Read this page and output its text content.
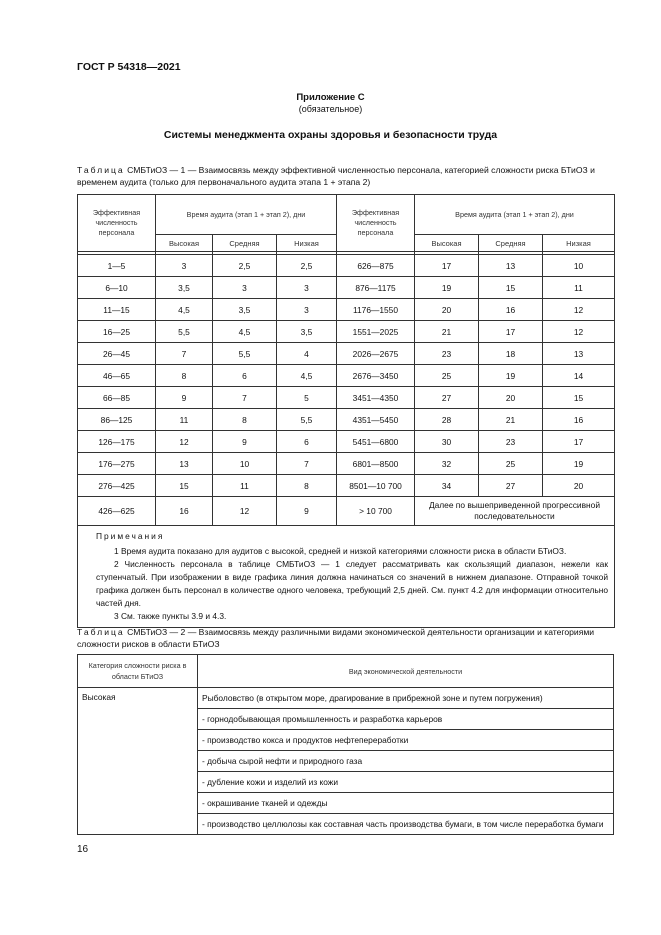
ГОСТ Р 54318—2021
Приложение С
(обязательное)
Системы менеджмента охраны здоровья и безопасности труда
Таблица СМБТиОЗ — 1 — Взаимосвязь между эффективной численностью персонала, категорией сложности риска БТиОЗ и временем аудита (только для первоначального аудита этапа 1 + этапа 2)
Эффективная численность персонала	Время аудита (этап 1 + этап 2), дни			Эффективная численность персонала	Время аудита (этап 1 + этап 2), дни		
	Высокая	Средняя	Низкая		Высокая	Средняя	Низкая

1—5	3	2,5	2,5	626—875	17	13	10
6—10	3,5	3	3	876—1175	19	15	11
11—15	4,5	3,5	3	1176—1550	20	16	12
16—25	5,5	4,5	3,5	1551—2025	21	17	12
26—45	7	5,5	4	2026—2675	23	18	13
46—65	8	6	4,5	2676—3450	25	19	14
66—85	9	7	5	3451—4350	27	20	15
86—125	11	8	5,5	4351—5450	28	21	16
126—175	12	9	6	5451—6800	30	23	17
176—275	13	10	7	6801—8500	32	25	19
276—425	15	11	8	8501—10 700	34	27	20
426—625	16	12	9	> 10 700	Далее по вышеприведенной прогрессивной последовательности		

Примечания
1 Время аудита показано для аудитов с высокой, средней и низкой категориями сложности риска в области БТиОЗ.
2 Численность персонала в таблице СМБТиОЗ — 1 следует рассматривать как скользящий диапазон, нежели как ступенчатый. При изображении в виде графика линия должна начинаться со значений в нижнем диапазоне. Отправной точкой графика должен быть персонал в количестве одного человека, требующий 2,5 дней. См. пункт 4.2 для информации относительно частей дня.
3 См. также пункты 3.9 и 4.3.							
Таблица СМБТиОЗ — 2 — Взаимосвязь между различными видами экономической деятельности организации и категориями сложности рисков в области БТиОЗ
Категория сложности риска в области БТиОЗ	Вид экономической деятельности
Высокая	Рыболовство (в открытом море, драгирование в прибрежной зоне и путем погружения)
	- горнодобывающая промышленность и разработка карьеров
	- производство кокса и продуктов нефтепереработки
	- добыча сырой нефти и природного газа
	- дубление кожи и изделий из кожи
	- окрашивание тканей и одежды
	- производство целлюлозы как составная часть производства бумаги, в том числе переработка бумаги
16
